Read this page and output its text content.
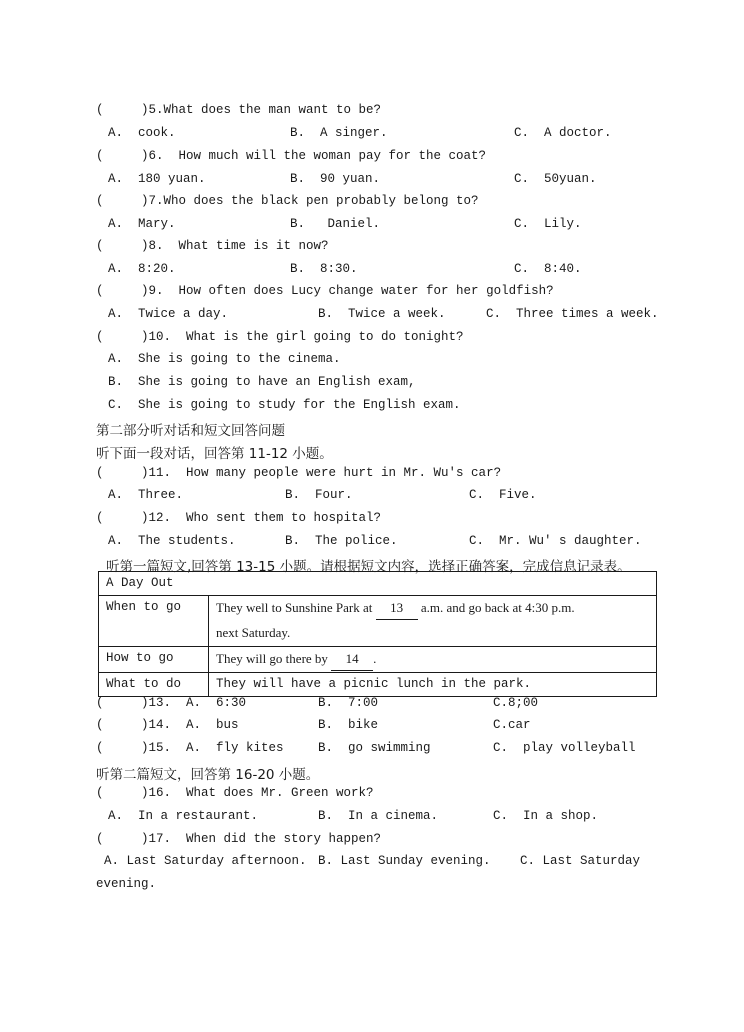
(     )5.What does the man want to be?
A.  cook.	B.  A singer.	C.  A doctor.
(     )6.  How much will the woman pay for the coat?
A.  180 yuan.	B.  90 yuan.	C.  50yuan.
(     )7.Who does the black pen probably belong to?
A.  Mary.	B.   Daniel.	C.  Lily.
(     )8.  What time is it now?
A.  8:20.	B.  8:30.	C.  8:40.
(     )9.  How often does Lucy change water for her goldfish?
A.  Twice a day.	B.  Twice a week.	C.  Three times a week.
(     )10.  What is the girl going to do tonight?
A.  She is going to the cinema.
B.  She is going to have an English exam,
C.  She is going to study for the English exam.
第二部分听对话和短文回答问题
听下面一段对话，回答第 11-12 小题。
(     )11.  How many people were hurt in Mr. Wu's car?
A.  Three.	B.  Four.	C.  Five.
(     )12.  Who sent them to hospital?
A.  The students.	B.  The police.	C.  Mr. Wu' s daughter.
听第一篇短文,回答第 13-15 小题。请根据短文内容，选择正确答案，完成信息记录表。
A Day Out	
When to go	They well to Sunshine Park at 13 a.m. and go back at 4:30 p.m.
next Saturday.
How to go	They will go there by 14 .
What to do	They will have a picnic lunch in the park.
(     )13.  A.  6:30	B.  7:00	C.8;00
(     )14.  A.  bus	B.  bike	C.car
(     )15.  A.  fly kites	B.  go swimming	C.  play volleyball
听第二篇短文，回答第 16-20 小题。
(     )16.  What does Mr. Green work?
A.  In a restaurant.	B.  In a cinema.	C.  In a shop.
(     )17.  When did the story happen?
A. Last Saturday afternoon. B. Last Sunday evening. C. Last Saturday
evening.
